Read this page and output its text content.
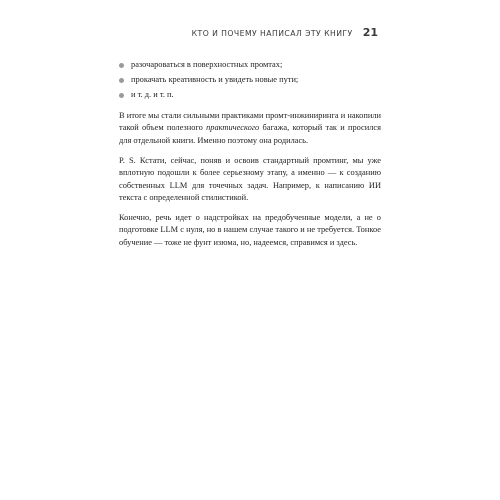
КТО И ПОЧЕМУ НАПИСАЛ ЭТУ КНИГУ 21
разочароваться в поверхностных промтах;
прокачать креативность и увидеть новые пути;
и т. д. и т. п.

В итоге мы стали сильными практиками промт-инжиниринга и накопили такой объем полезного практического багажа, который так и просился для отдельной книги. Именно поэтому она родилась.

P. S. Кстати, сейчас, поняв и освоив стандартный промтинг, мы уже вплотную подошли к более серьезному этапу, а именно — к созданию собственных LLM для точечных задач. Например, к написанию ИИ текста с определенной стилистикой.

Конечно, речь идет о надстройках на предобученные модели, а не о подготовке LLM с нуля, но в нашем случае такого и не требуется. Тонкое обучение — тоже не фунт изюма, но, надеемся, справимся и здесь.
